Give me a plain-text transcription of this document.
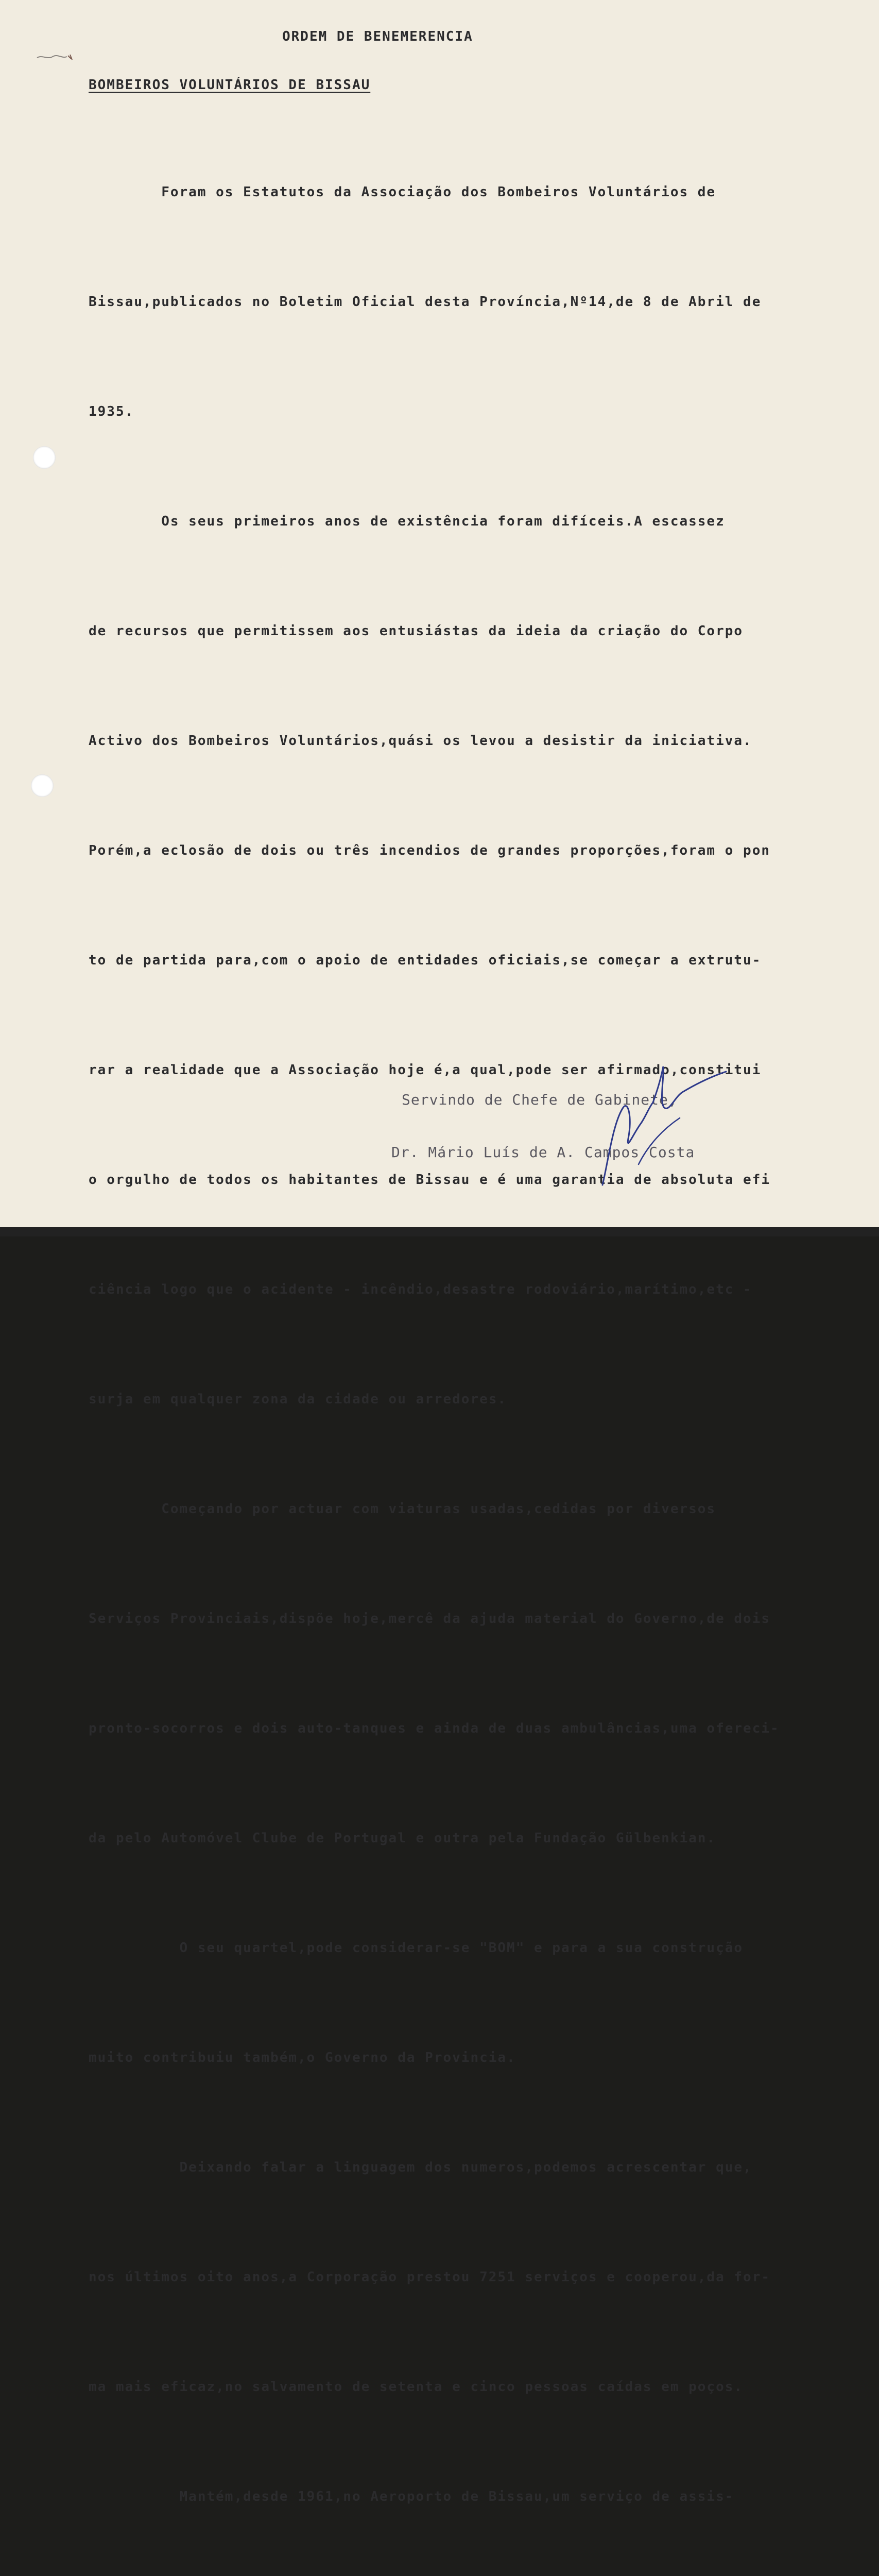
ORDEM DE BENEMERENCIA
BOMBEIROS VOLUNTÁRIOS DE BISSAU

Foram os Estatutos da Associação dos Bombeiros Voluntários de

Bissau,publicados no Boletim Oficial desta Província,Nº14,de 8 de Abril de

1935.

Os seus primeiros anos de existência foram difíceis.A escassez

de recursos que permitissem aos entusiástas da ideia da criação do Corpo

Activo dos Bombeiros Voluntários,quási os levou a desistir da iniciativa.

Porém,a eclosão de dois ou três incendios de grandes proporções,foram o pon

to de partida para,com o apoio de entidades oficiais,se começar a extrutu-

rar a realidade que a Associação hoje é,a qual,pode ser afirmado,constitui

o orgulho de todos os habitantes de Bissau e é uma garantia de absoluta efi

ciência logo que o acidente - incêndio,desastre rodoviário,marítimo,etc -

surja em qualquer zona da cidade ou arredores.

Começando por actuar com viaturas usadas,cedidas por diversos

Serviços Provinciais,dispõe hoje,mercê da ajuda material do Governo,de dois

pronto-socorros e dois auto-tanques e ainda de duas ambulâncias,uma ofereci-

da pelo Automóvel Clube de Portugal e outra pela Fundação Gülbenkian.

O seu quartel,pode considerar-se "BOM" e para a sua construção

muito contribuiu também,o Governo da Provincia.

Deixando falar a linguagem dos numeros,podemos acrescentar que,

nos últimos oito anos,a Corporação prestou 7251 serviços e cooperou,da for-

ma mais eficaz,no salvamento de setenta e cinco pessoas caídas em poços.

Mantém,desde 1961,no Aeroporto de Bissau,um serviço de assis-

Servindo de Chefe de Gabinete,
Dr. Mário Luís de A. Campos Costa
